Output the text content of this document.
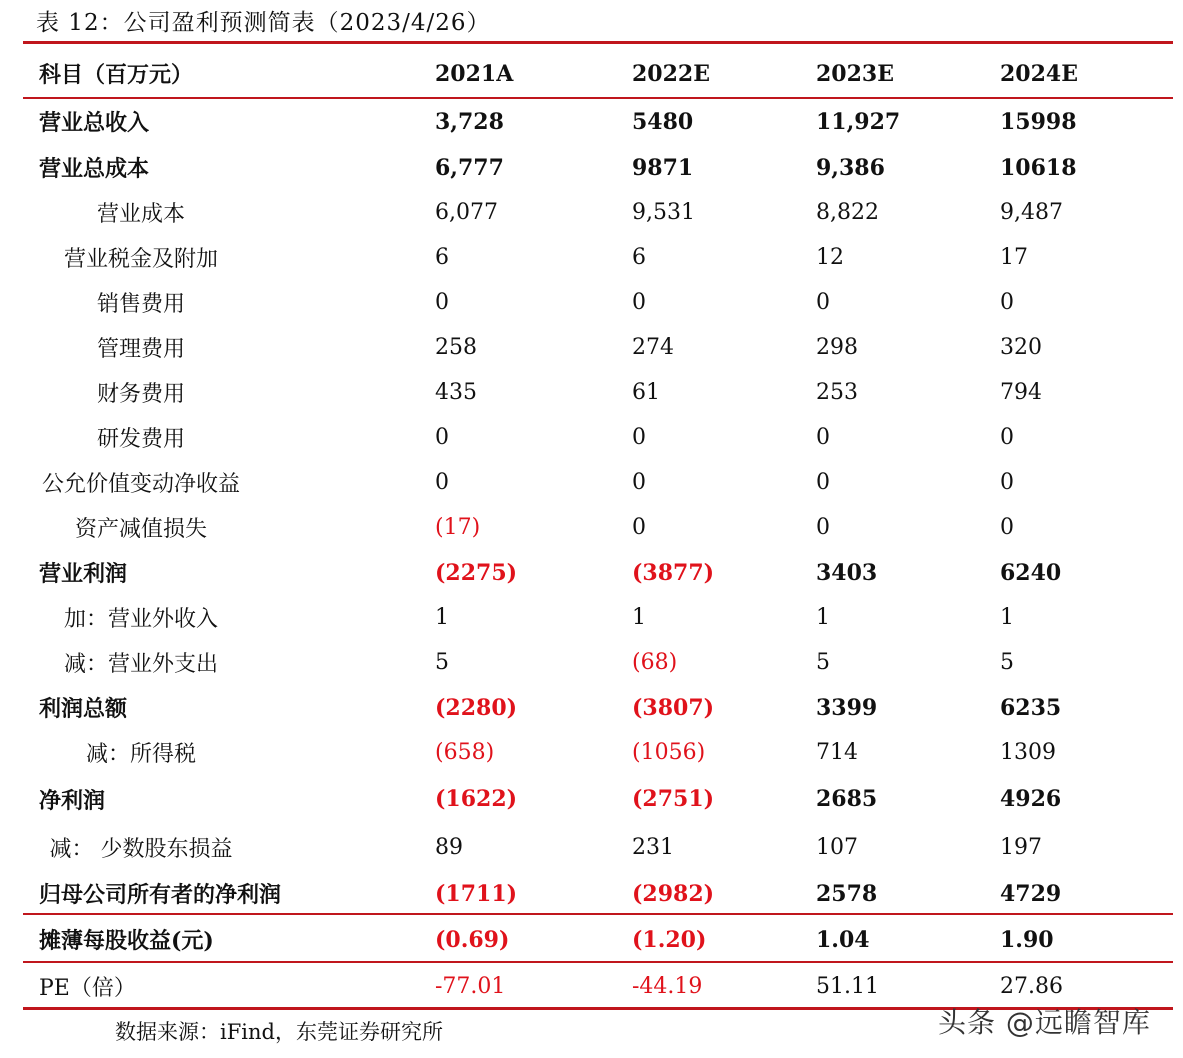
表 12：公司盈利预测简表（2023/4/26）
科目（百万元）	2021A	2022E	2023E	2024E
营业总收入	3,728	5480	11,927	15998
营业总成本	6,777	9871	9,386	10618
营业成本	6,077	9,531	8,822	9,487
营业税金及附加	6	6	12	17
销售费用	0	0	0	0
管理费用	258	274	298	320
财务费用	435	61	253	794
研发费用	0	0	0	0
公允价值变动净收益	0	0	0	0
资产减值损失	(17)	0	0	0
营业利润	(2275)	(3877)	3403	6240
加：营业外收入	1	1	1	1
减：营业外支出	5	(68)	5	5
利润总额	(2280)	(3807)	3399	6235
减：所得税	(658)	(1056)	714	1309
净利润	(1622)	(2751)	2685	4926
减： 少数股东损益	89	231	107	197
归母公司所有者的净利润	(1711)	(2982)	2578	4729
摊薄每股收益(元)	(0.69)	(1.20)	1.04	1.90
PE（倍）	-77.01	-44.19	51.11	27.86
数据来源：iFind，东莞证券研究所	头条 @远瞻智库
